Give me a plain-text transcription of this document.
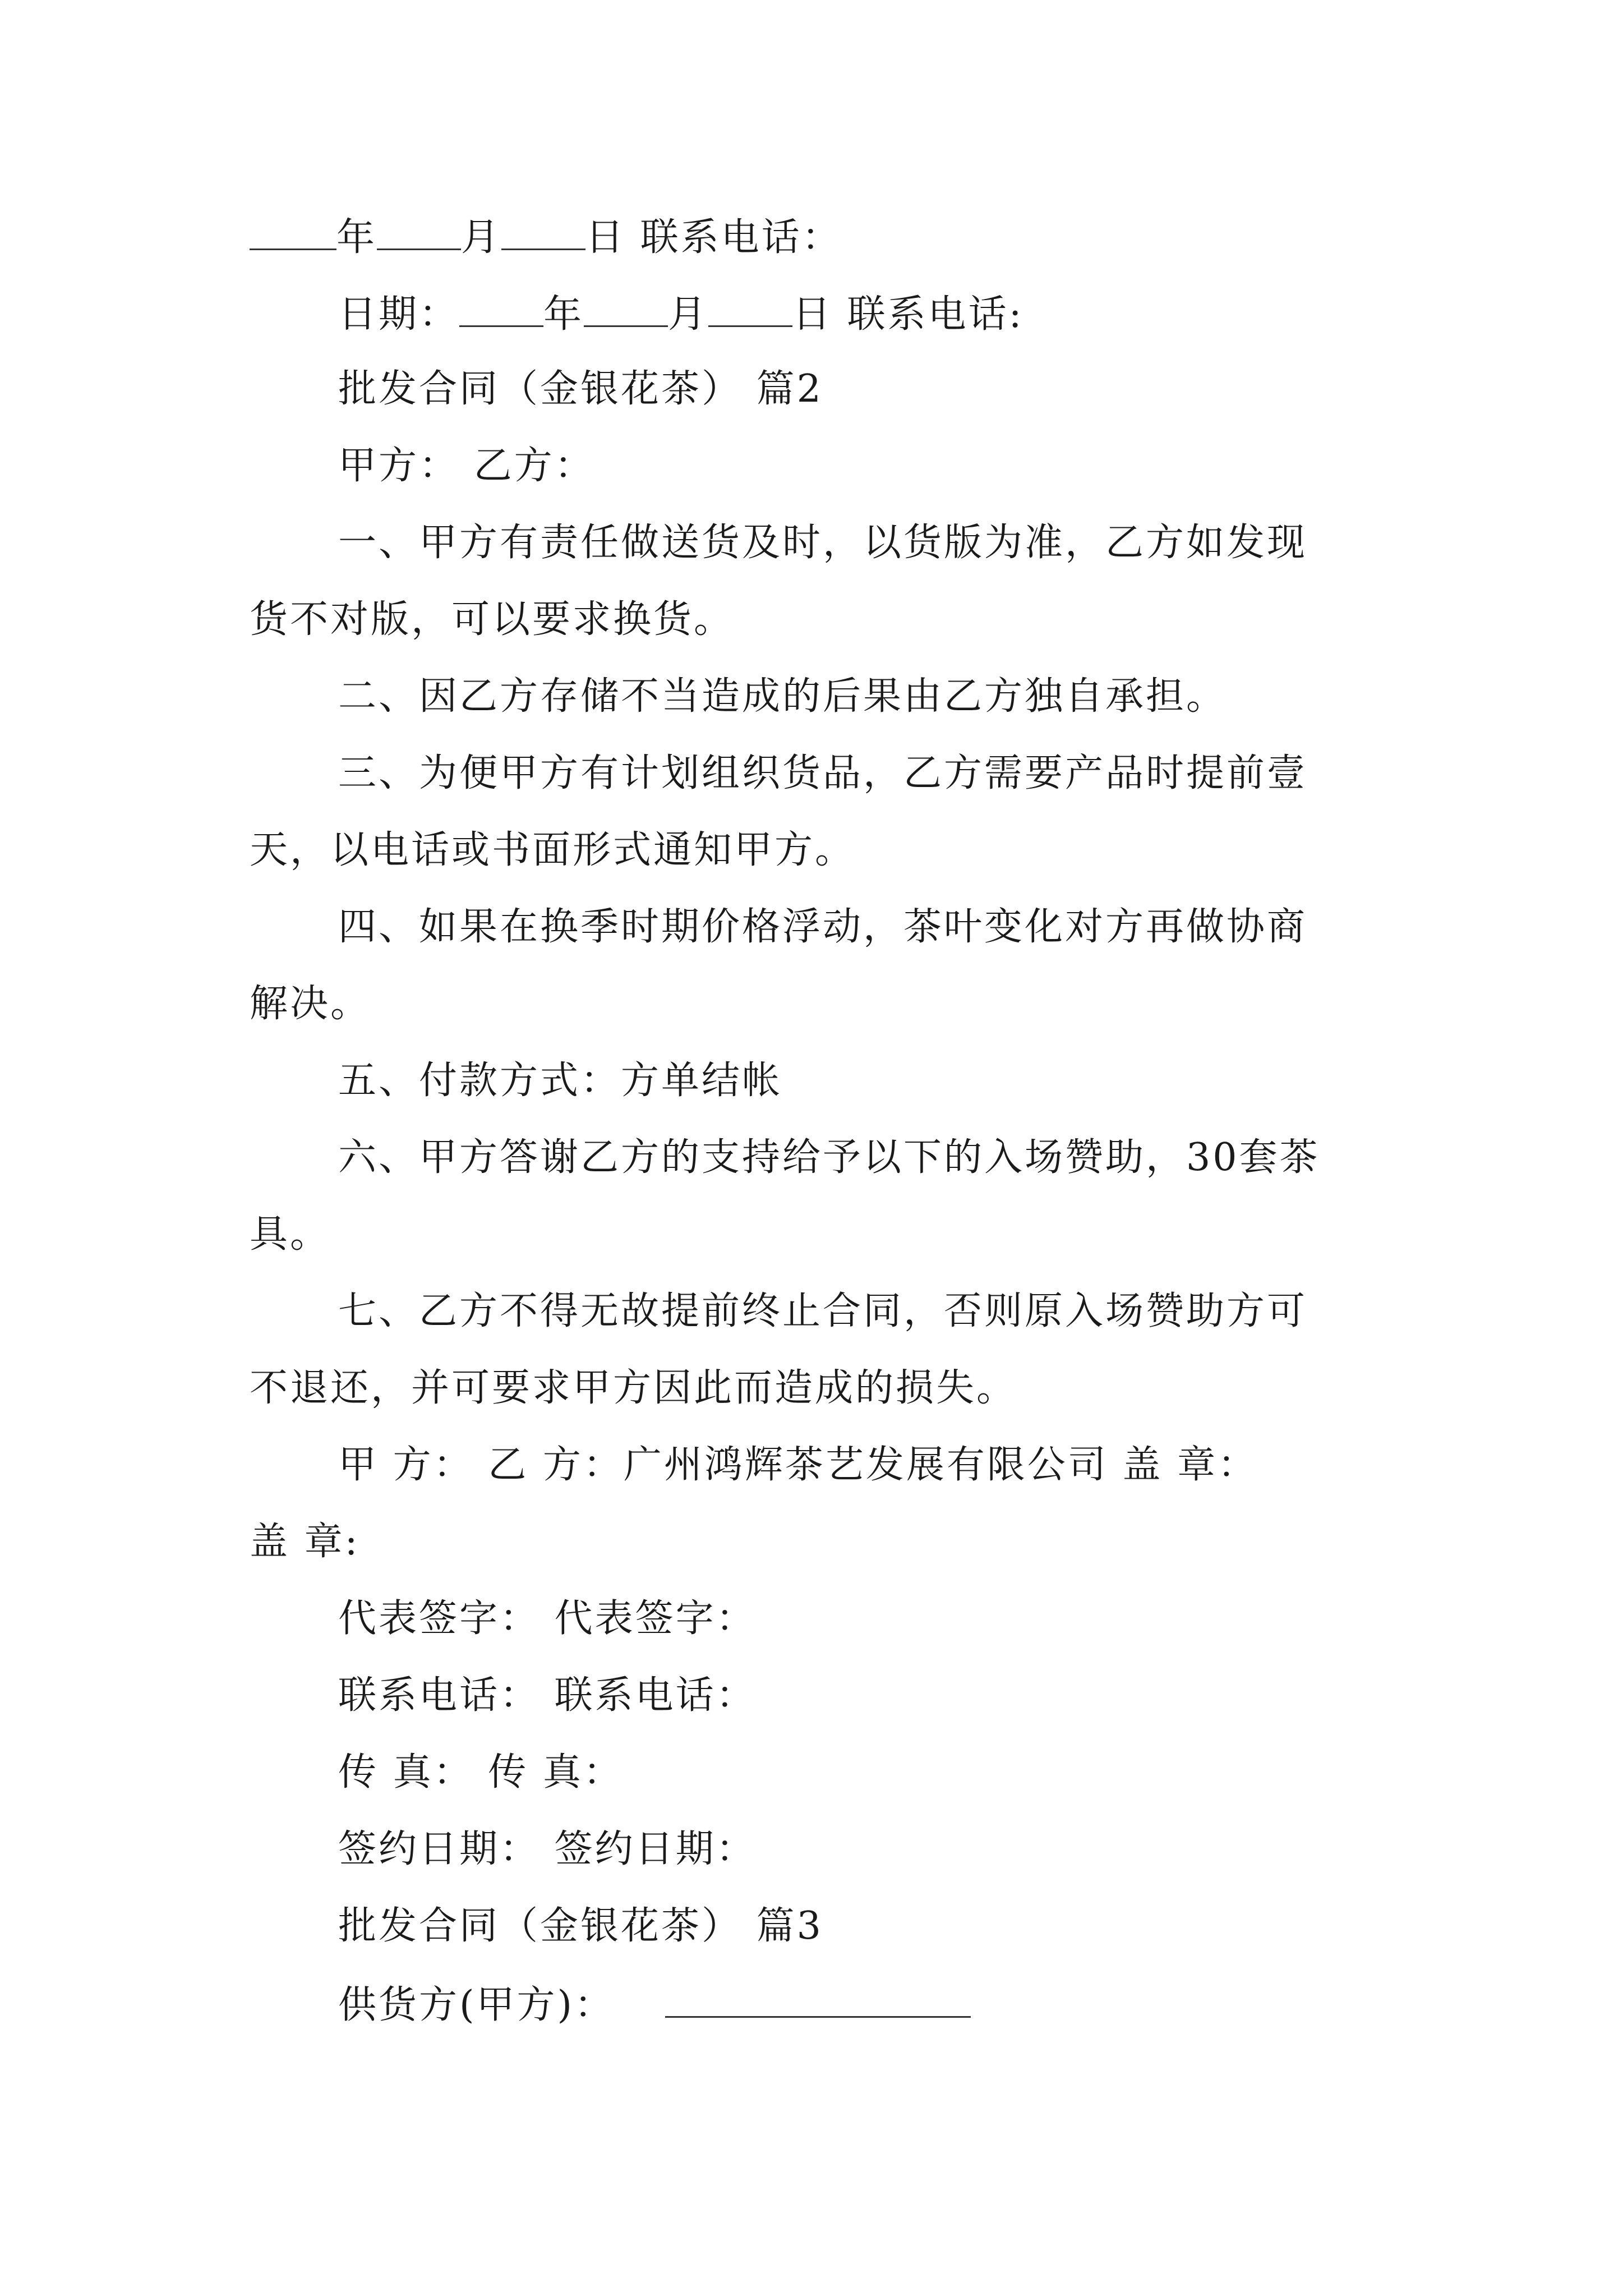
年 月 日 联系电话：
日期： 年 月 日 联系电话:
批发合同（金银花茶） 篇2
甲方： 乙方：
一、甲方有责任做送货及时，以货版为准，乙方如发现
货不对版，可以要求换货。
二、因乙方存储不当造成的后果由乙方独自承担。
三、为便甲方有计划组织货品，乙方需要产品时提前壹
天，以电话或书面形式通知甲方。
四、如果在换季时期价格浮动，茶叶变化对方再做协商
解决。
五、付款方式：方单结帐
六、甲方答谢乙方的支持给予以下的入场赞助，30套茶
具。
七、乙方不得无故提前终止合同，否则原入场赞助方可
不退还，并可要求甲方因此而造成的损失。
甲 方： 乙 方：广州鸿辉茶艺发展有限公司 盖 章：
盖 章:
代表签字： 代表签字：
联系电话： 联系电话：
传 真： 传 真：
签约日期： 签约日期：
批发合同（金银花茶） 篇3
供货方(甲方)：
